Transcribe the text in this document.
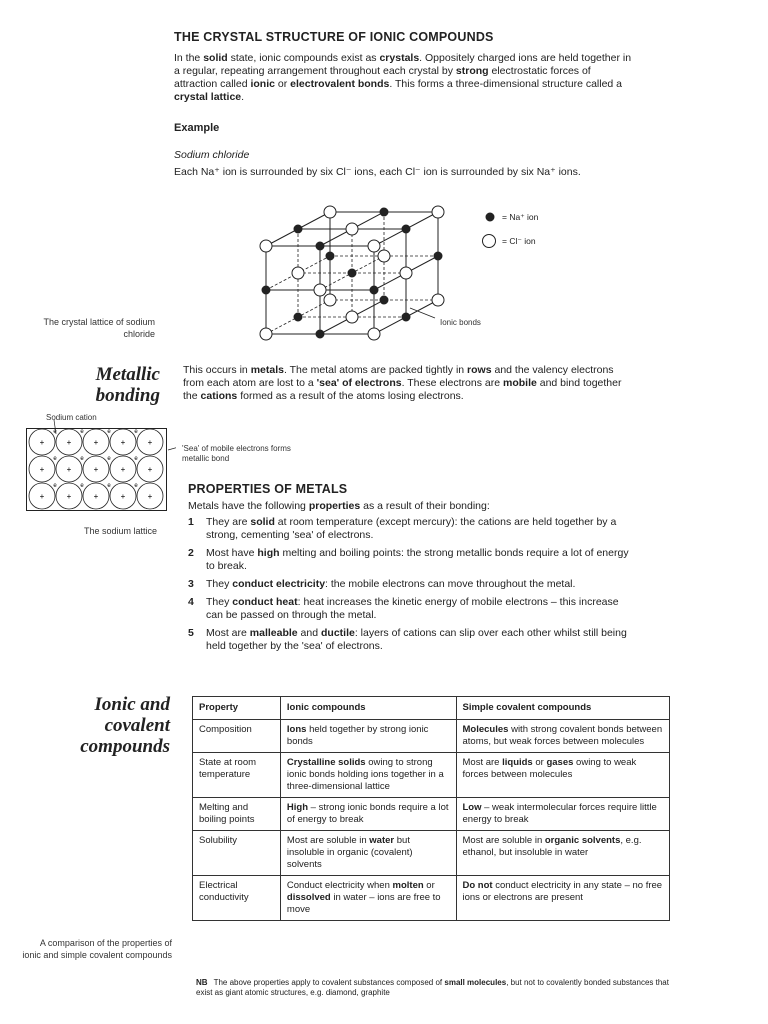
THE CRYSTAL STRUCTURE OF IONIC COMPOUNDS
In the solid state, ionic compounds exist as crystals. Oppositely charged ions are held together in a regular, repeating arrangement throughout each crystal by strong electrostatic forces of attraction called ionic or electrovalent bonds. This forms a three-dimensional structure called a crystal lattice.
Example
Sodium chloride
Each Na⁺ ion is surrounded by six Cl⁻ ions, each Cl⁻ ion is surrounded by six Na⁺ ions.
= Na⁺ ion
= Cl⁻ ion
Ionic bonds
The crystal lattice of sodium chloride
Metallic bonding
This occurs in metals. The metal atoms are packed tightly in rows and the valency electrons from each atom are lost to a 'sea' of electrons. These electrons are mobile and bind together the cations formed as a result of the atoms losing electrons.
Sodium cation
+
e
+
e
+
e
+
e
+
+
e
+
e
+
e
+
e
+
+
e
+
e
+
e
+
e
+
'Sea' of mobile electrons forms metallic bond
The sodium lattice
PROPERTIES OF METALS
Metals have the following properties as a result of their bonding:
1 They are solid at room temperature (except mercury): the cations are held together by a strong, cementing 'sea' of electrons.
2 Most have high melting and boiling points: the strong metallic bonds require a lot of energy to break.
3 They conduct electricity: the mobile electrons can move throughout the metal.
4 They conduct heat: heat increases the kinetic energy of mobile electrons – this increase can be passed on through the metal.
5 Most are malleable and ductile: layers of cations can slip over each other whilst still being held together by the 'sea' of electrons.
Ionic and covalent compounds
A comparison of the properties of ionic and simple covalent compounds
Property	Ionic compounds	Simple covalent compounds
Composition	Ions held together by strong ionic bonds	Molecules with strong covalent bonds between atoms, but weak forces between molecules
State at room temperature	Crystalline solids owing to strong ionic bonds holding ions together in a three-dimensional lattice	Most are liquids or gases owing to weak forces between molecules
Melting and boiling points	High – strong ionic bonds require a lot of energy to break	Low – weak intermolecular forces require little energy to break
Solubility	Most are soluble in water but insoluble in organic (covalent) solvents	Most are soluble in organic solvents, e.g. ethanol, but insoluble in water
Electrical conductivity	Conduct electricity when molten or dissolved in water – ions are free to move	Do not conduct electricity in any state – no free ions or electrons are present
NB The above properties apply to covalent substances composed of small molecules, but not to covalently bonded substances that exist as giant atomic structures, e.g. diamond, graphite
